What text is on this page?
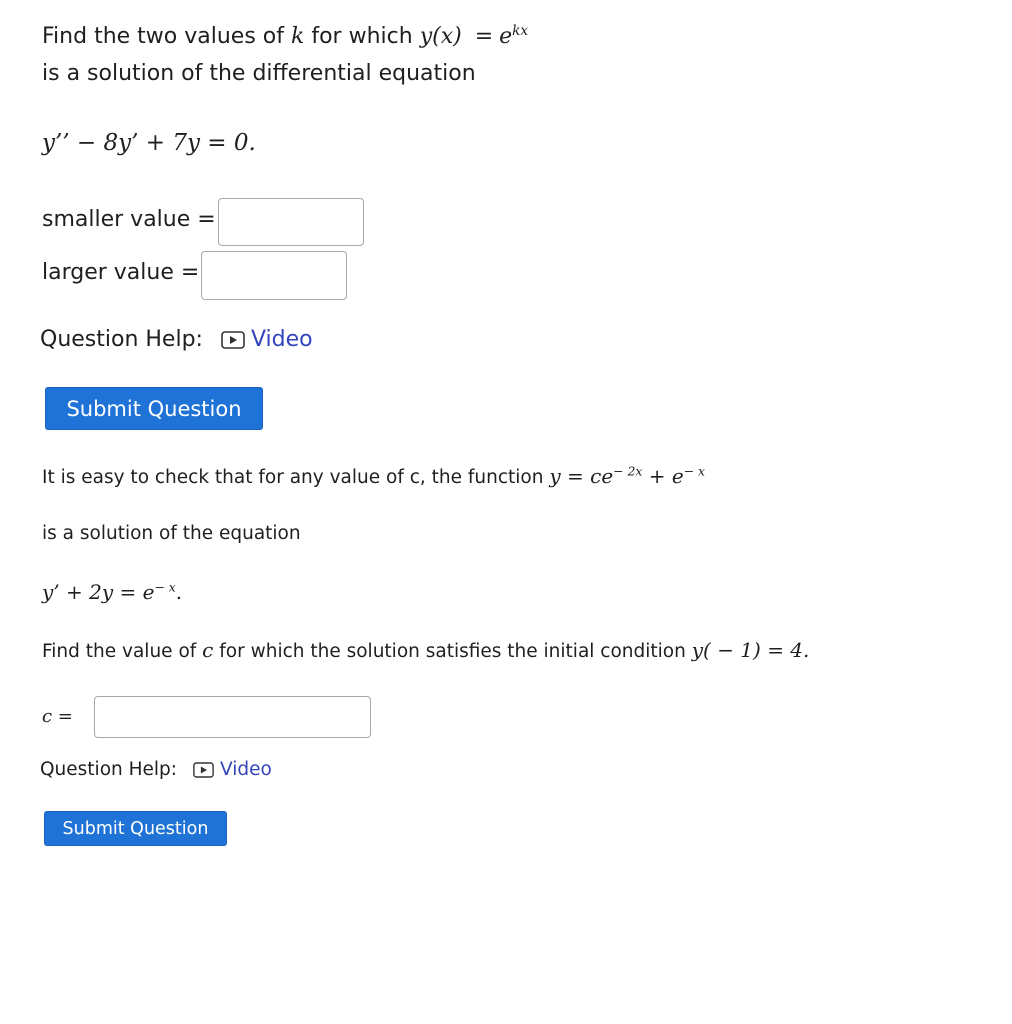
Find the two values of k for which $y(x) = e^{kx}$
is a solution of the differential equation
y’’ − 8y’ + 7y = 0.
smaller value =
larger value =
Question Help: Video
Submit Question
It is easy to check that for any value of c, the function $y = ce^{- 2x} + e^{- x}$
is a solution of the equation
y’ + $2y = e^{- x}$.
Find the value of c for which the solution satisfies the initial condition y( − 1) = 4.
c =
Question Help: Video
Submit Question
